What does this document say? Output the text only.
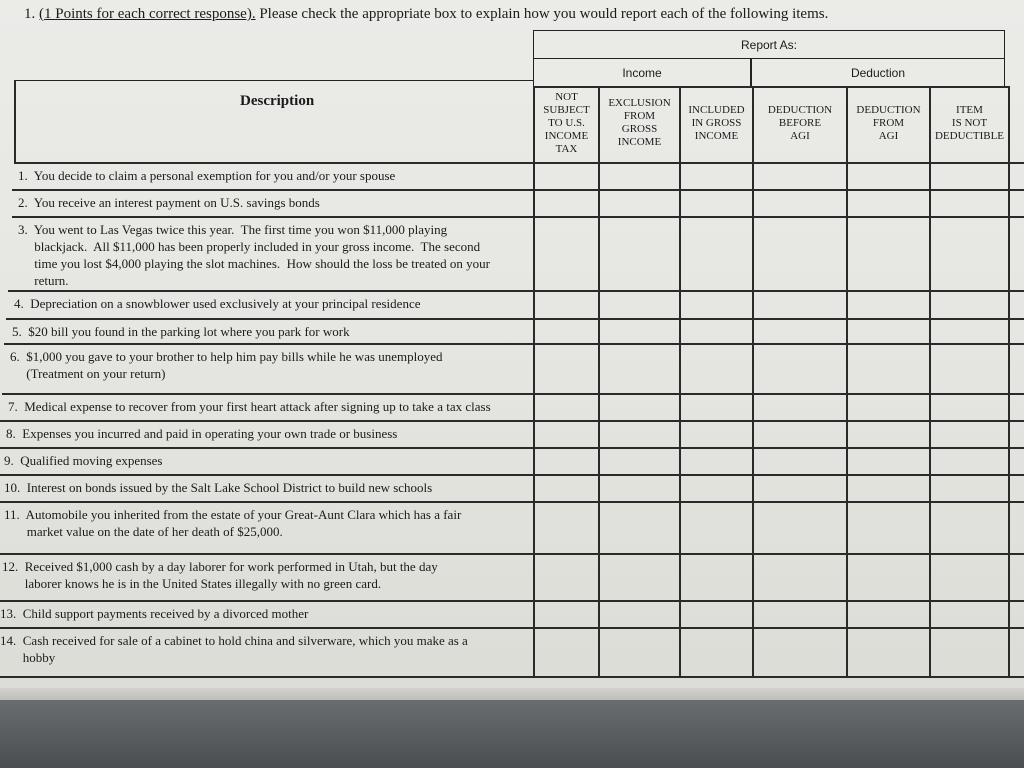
1. (1 Points for each correct response). Please check the appropriate box to explain how you would report each of the following items.
Report As:
Income	Deduction
Description	NOT
SUBJECT
TO U.S.
INCOME
TAX
EXCLUSION
FROM
GROSS
INCOME
INCLUDED
IN GROSS
INCOME
DEDUCTION
BEFORE
AGI
DEDUCTION
FROM
AGI
ITEM
IS NOT
DEDUCTIBLE
1.  You decide to claim a personal exemption for you and/or your spouse
2.  You receive an interest payment on U.S. savings bonds
3.  You went to Las Vegas twice this year.  The first time you won $11,000 playing
blackjack.  All $11,000 has been properly included in your gross income.  The second
time you lost $4,000 playing the slot machines.  How should the loss be treated on your
return.
4.  Depreciation on a snowblower used exclusively at your principal residence
5.  $20 bill you found in the parking lot where you park for work
6.  $1,000 you gave to your brother to help him pay bills while he was unemployed
(Treatment on your return)
7.  Medical expense to recover from your first heart attack after signing up to take a tax class
8.  Expenses you incurred and paid in operating your own trade or business
9.  Qualified moving expenses
10.  Interest on bonds issued by the Salt Lake School District to build new schools
11.  Automobile you inherited from the estate of your Great-Aunt Clara which has a fair
market value on the date of her death of $25,000.
12.  Received $1,000 cash by a day laborer for work performed in Utah, but the day
laborer knows he is in the United States illegally with no green card.
13.  Child support payments received by a divorced mother
14.  Cash received for sale of a cabinet to hold china and silverware, which you make as a
hobby
